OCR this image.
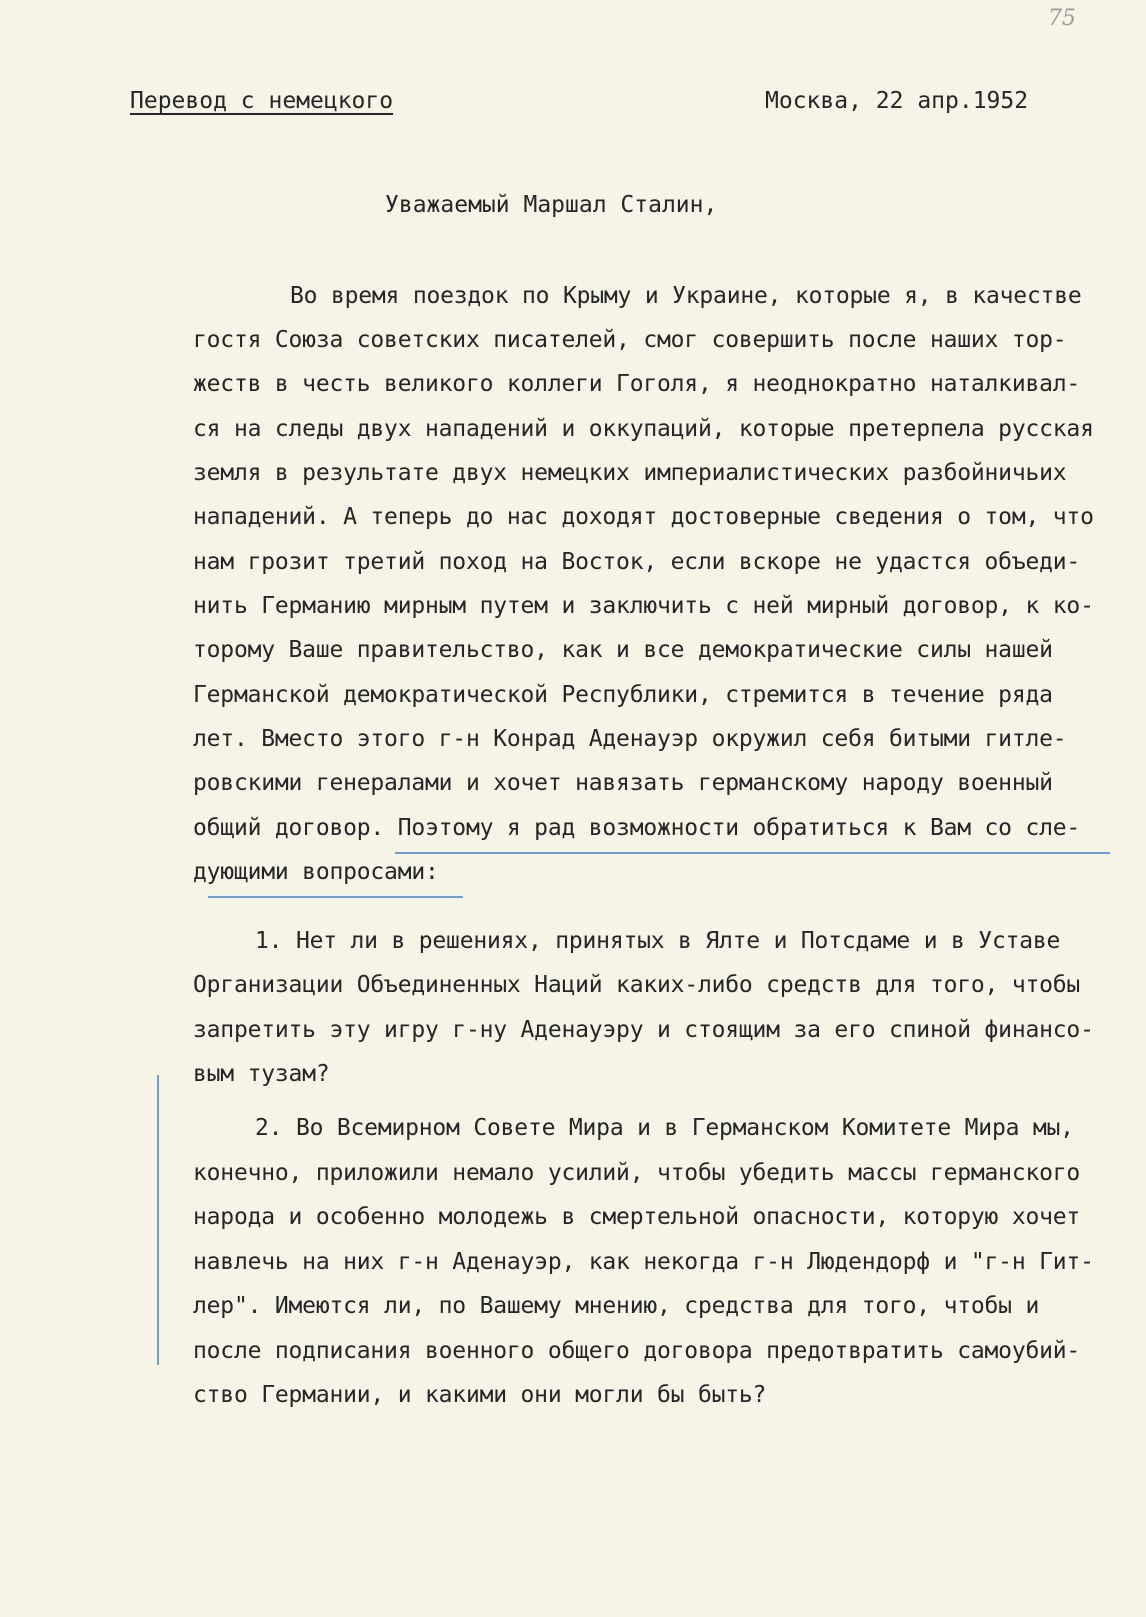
75
Перевод с немецкого	Москва, 22 апр.1952
Уважаемый Маршал Сталин,
Во время поездок по Крыму и Украине, которые я, в качестве
гостя Союза советских писателей, смог совершить после наших тор-
жеств в честь великого коллеги Гоголя, я неоднократно наталкивал-
ся на следы двух нападений и оккупаций, которые претерпела русская
земля в результате двух немецких империалистических разбойничьих
нападений. А теперь до нас доходят достоверные сведения о том, что
нам грозит третий поход на Восток, если вскоре не удастся объеди-
нить Германию мирным путем и заключить с ней мирный договор, к ко-
торому Ваше правительство, как и все демократические силы нашей
Германской демократической Республики, стремится в течение ряда
лет. Вместо этого г-н Конрад Аденауэр окружил себя битыми гитле-
ровскими генералами и хочет навязать германскому народу военный
общий договор. Поэтому я рад возможности обратиться к Вам со сле-
дующими вопросами:
1. Нет ли в решениях, принятых в Ялте и Потсдаме и в Уставе
Организации Объединенных Наций каких-либо средств для того, чтобы
запретить эту игру г-ну Аденауэру и стоящим за его спиной финансо-
вым тузам?
2. Во Всемирном Совете Мира и в Германском Комитете Мира мы,
конечно, приложили немало усилий, чтобы убедить массы германского
народа и особенно молодежь в смертельной опасности, которую хочет
навлечь на них г-н Аденауэр, как некогда г-н Людендорф и "г-н Гит-
лер". Имеются ли, по Вашему мнению, средства для того, чтобы и
после подписания военного общего договора предотвратить самоубий-
ство Германии, и какими они могли бы быть?
